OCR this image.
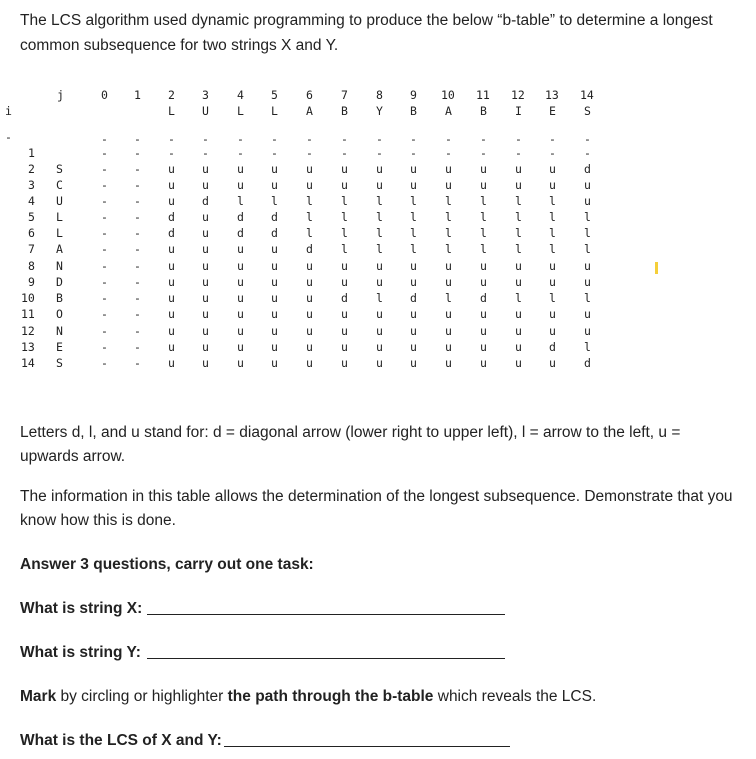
The LCS algorithm used dynamic programming to produce the below “b-table” to determine a longest common subsequence for two strings X and Y.
j
i
0 1 2 3 4 5 6 7 8 9 10 11 12 13 14
L U L L A B Y B A B I E S
1
2
3
4
5
6
7
8
9
10
11
12
13
14
S
C
U
L
L
A
N
D
B
O
N
E
S
-	- - - - - - - - - - - - - - -
- - - - - - - - - - - - - - -
- - u u u u u u u u u u u u d
- - u u u u u u u u u u u u u
- - u d l l l l l l l l l l u
- - d u d d l l l l l l l l l
- - d u d d l l l l l l l l l
- - u u u u d l l l l l l l l
- - u u u u u u u u u u u u u
- - u u u u u u u u u u u u u
- - u u u u u d l d l d l l l
- - u u u u u u u u u u u u u
- - u u u u u u u u u u u u u
- - u u u u u u u u u u u d l
- - u u u u u u u u u u u u d
Letters d, l, and u stand for: d = diagonal arrow (lower right to upper left), l = arrow to the left, u = upwards arrow.
The information in this table allows the determination of the longest subsequence. Demonstrate that you know how this is done.
Answer 3 questions, carry out one task:
What is string X:
What is string Y:
Mark by circling or highlighter the path through the b-table which reveals the LCS.
What is the LCS of X and Y:
